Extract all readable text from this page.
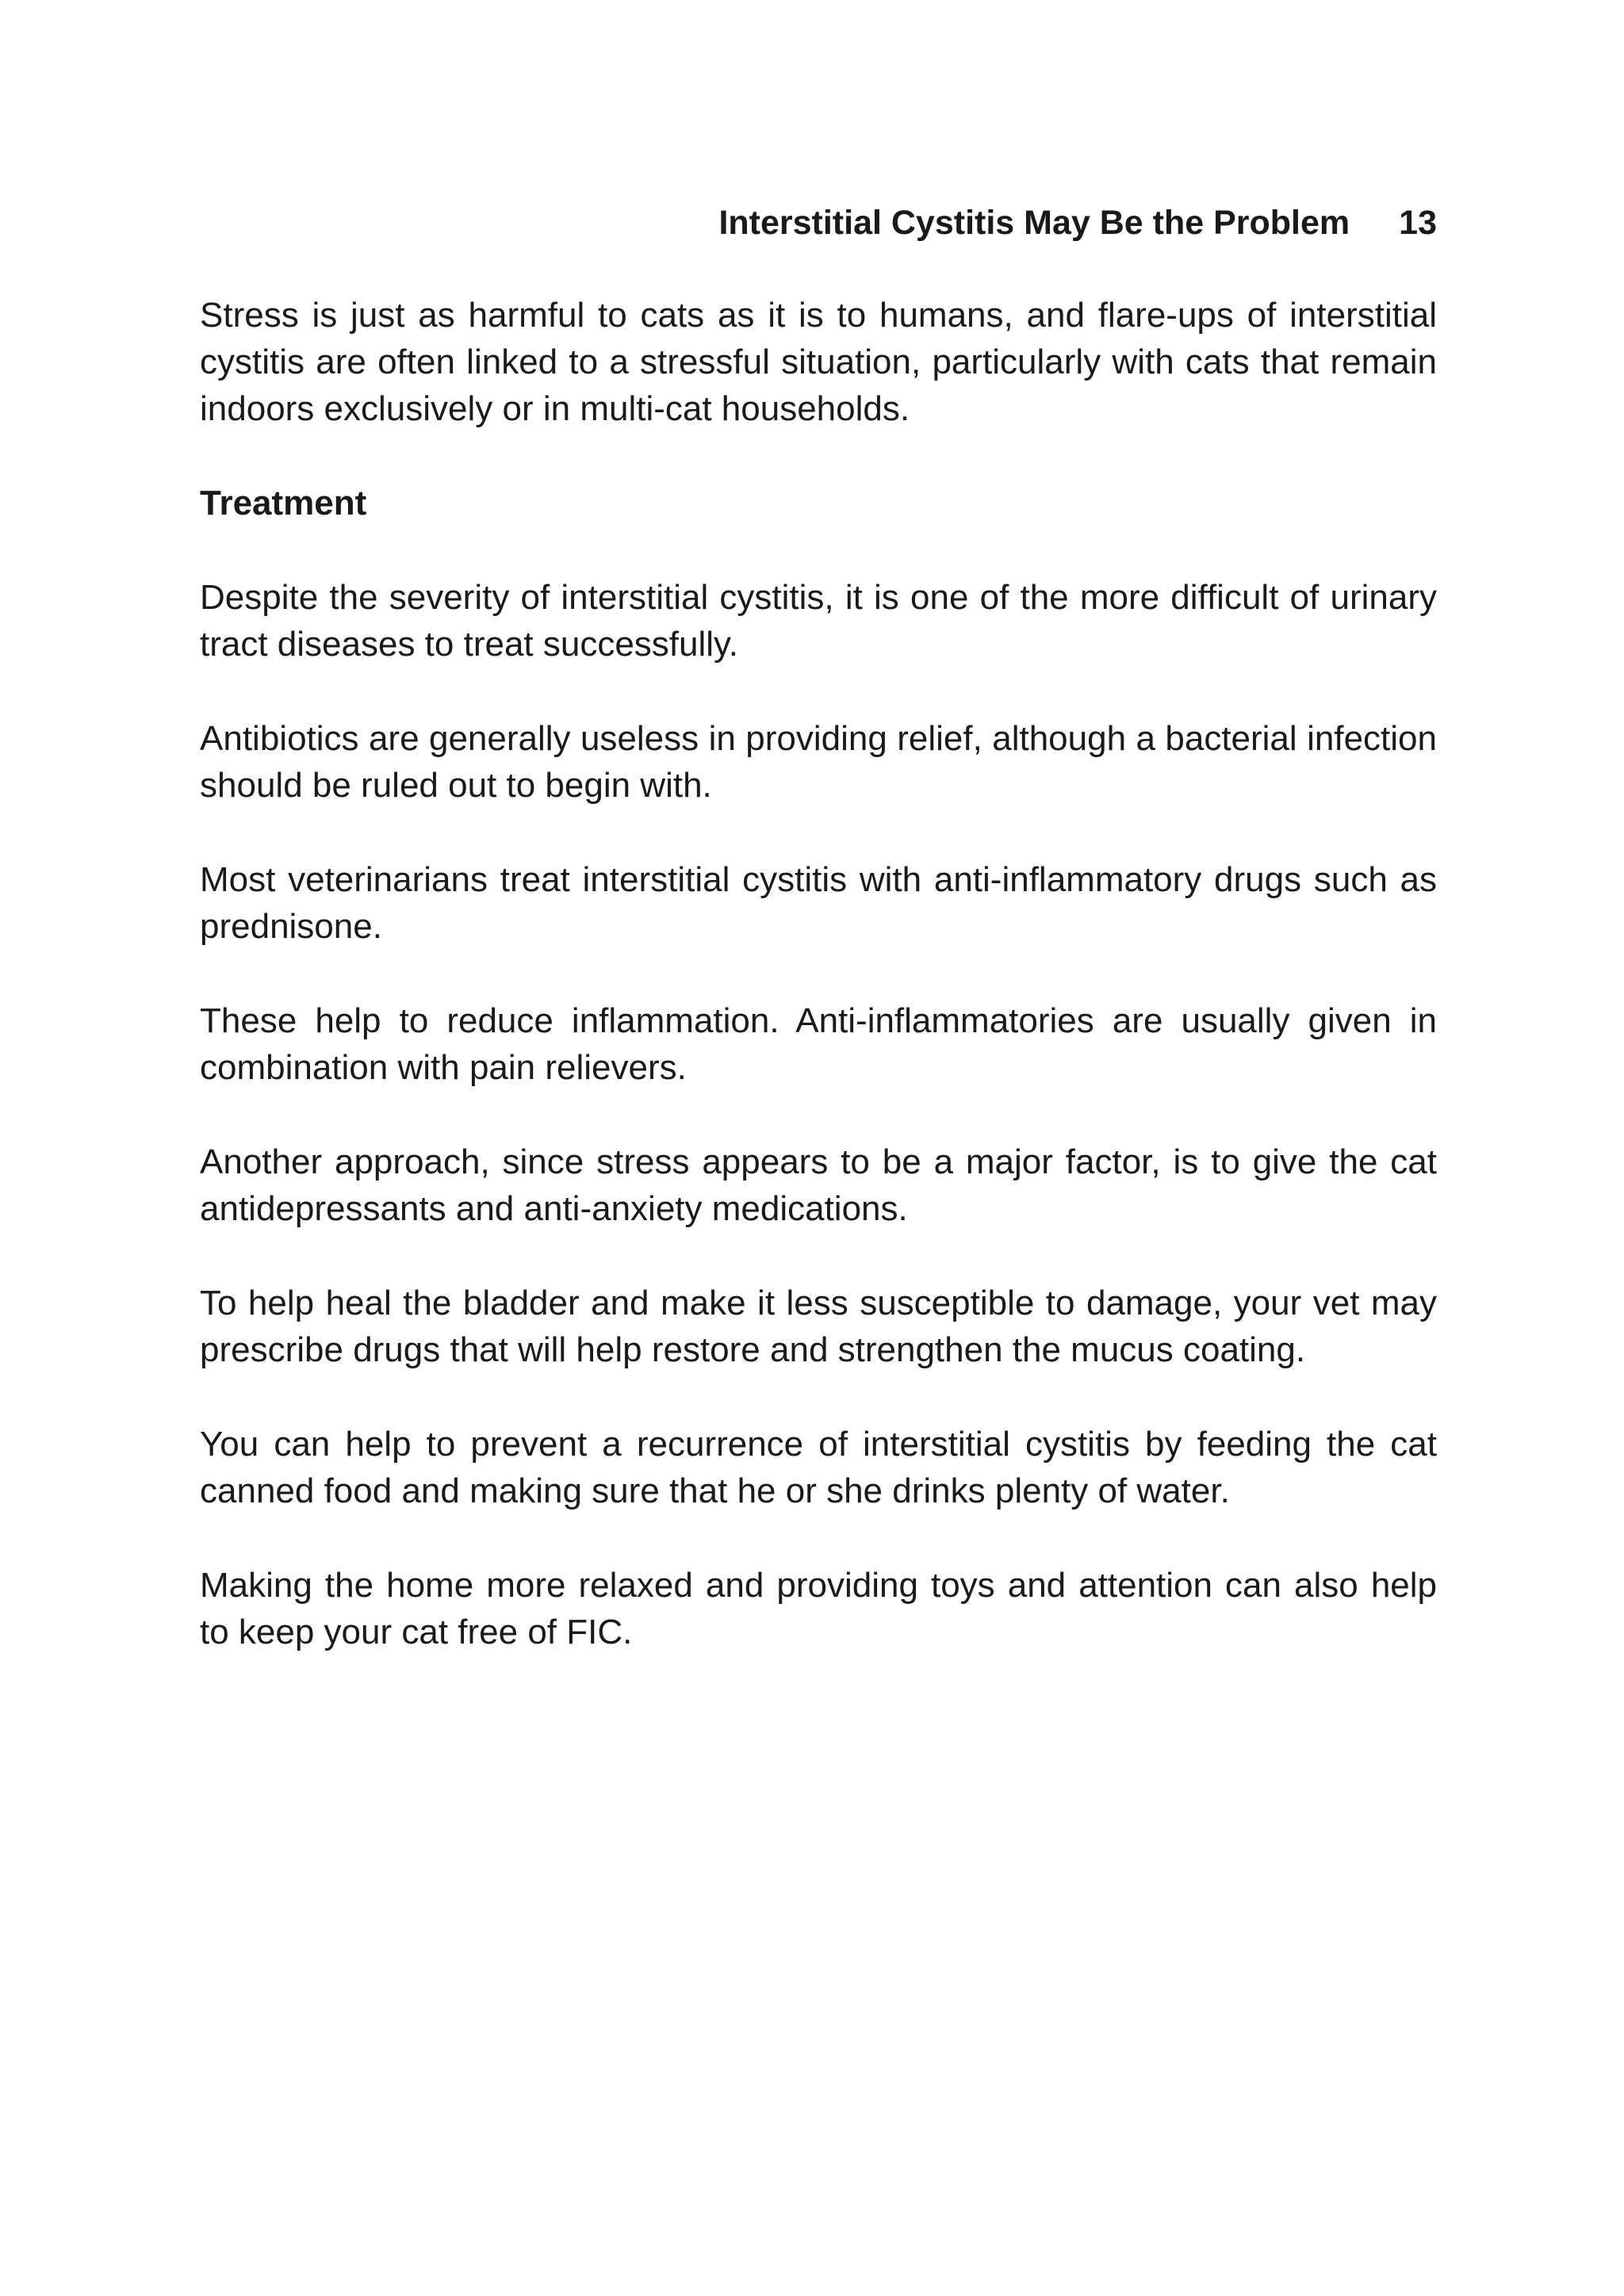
Interstitial Cystitis May Be the Problem 13

Stress is just as harmful to cats as it is to humans, and flare-ups of interstitial cystitis are often linked to a stressful situation, particularly with cats that remain indoors exclusively or in multi-cat households.

Treatment

Despite the severity of interstitial cystitis, it is one of the more difficult of urinary tract diseases to treat successfully.

Antibiotics are generally useless in providing relief, although a bacterial infection should be ruled out to begin with.

Most veterinarians treat interstitial cystitis with anti-inflammatory drugs such as prednisone.

These help to reduce inflammation. Anti-inflammatories are usually given in combination with pain relievers.

Another approach, since stress appears to be a major factor, is to give the cat antidepressants and anti-anxiety medications.

To help heal the bladder and make it less susceptible to damage, your vet may prescribe drugs that will help restore and strengthen the mucus coating.

You can help to prevent a recurrence of interstitial cystitis by feeding the cat canned food and making sure that he or she drinks plenty of water.

Making the home more relaxed and providing toys and attention can also help to keep your cat free of FIC.
